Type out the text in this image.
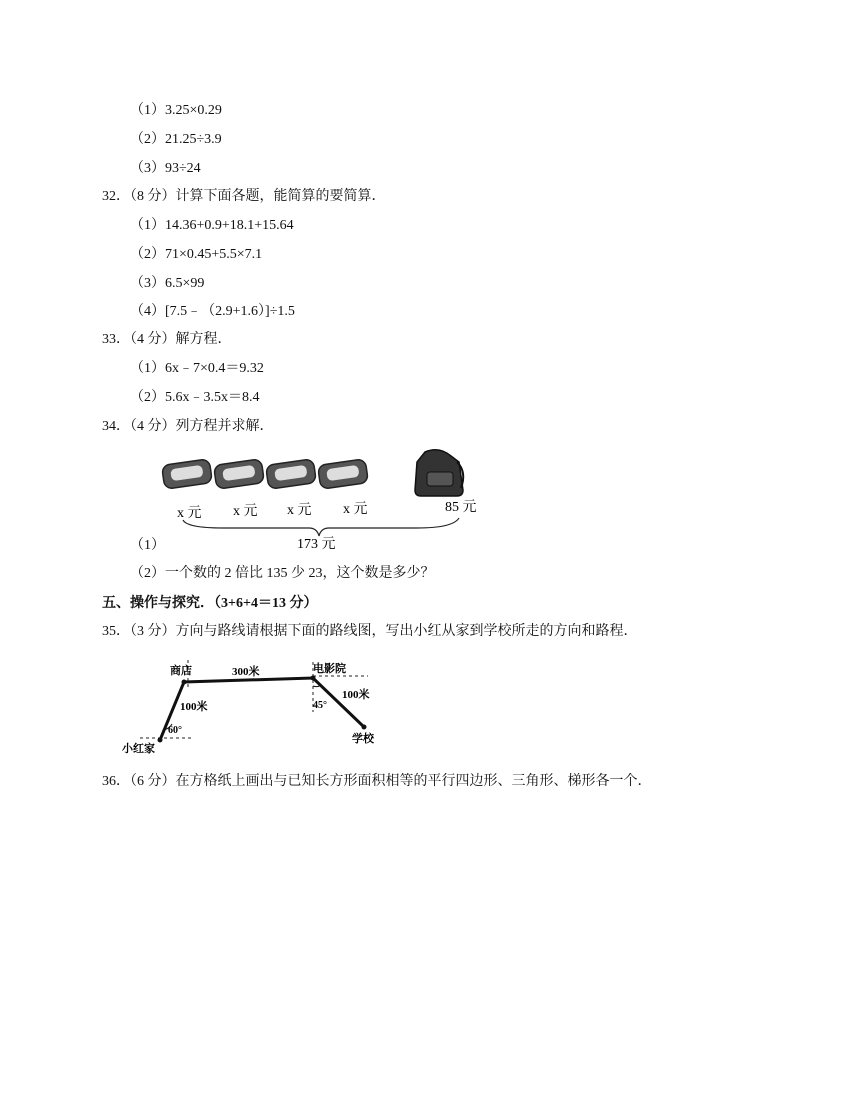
（1）3.25×0.29
（2）21.25÷3.9
（3）93÷24
32．（8 分）计算下面各题，能简算的要简算．
（1）14.36+0.9+18.1+15.64
（2）71×0.45+5.5×7.1
（3）6.5×99
（4）[7.5﹣（2.9+1.6）]÷1.5
33．（4 分）解方程．
（1）6x﹣7×0.4＝9.32
（2）5.6x﹣3.5x＝8.4
34．（4 分）列方程并求解．
x 元 x 元 x 元 x 元	85 元
173 元
（1）
（2）一个数的 2 倍比 135 少 23，这个数是多少？
五、操作与探究．（3+6+4＝13 分）
35．（3 分）方向与路线请根据下面的路线图，写出小红从家到学校所走的方向和路程．
商店	300米	电影院
100米
45°
100米
60°
小红家
学校
36．（6 分）在方格纸上画出与已知长方形面积相等的平行四边形、三角形、梯形各一个．
